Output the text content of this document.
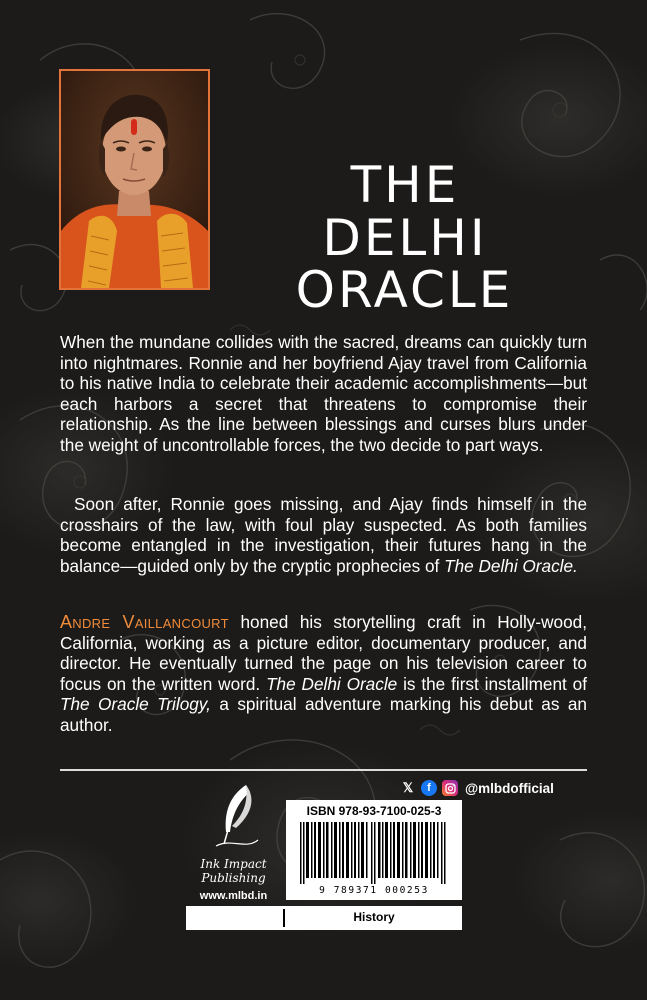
THE
DELHI
ORACLE

When the mundane collides with the sacred, dreams can quickly turn into nightmares. Ronnie and her boyfriend Ajay travel from California to his native India to celebrate their academic accomplishments—but each harbors a secret that threatens to compromise their relationship. As the line between blessings and curses blurs under the weight of uncontrollable forces, the two decide to part ways.

Soon after, Ronnie goes missing, and Ajay finds himself in the crosshairs of the law, with foul play suspected. As both families become entangled in the investigation, their futures hang in the balance—guided only by the cryptic prophecies of The Delhi Oracle.

Andre Vaillancourt honed his storytelling craft in Holly-wood, California, working as a picture editor, documentary producer, and director. He eventually turned the page on his television career to focus on the written word. The Delhi Oracle is the first installment of The Oracle Trilogy, a spiritual adventure marking his debut as an author.

𝕏	f	@mlbdofficial
Ink Impact
Publishing
www.mlbd.in
ISBN 978-93-7100-025-3
9 789371 000253
History
